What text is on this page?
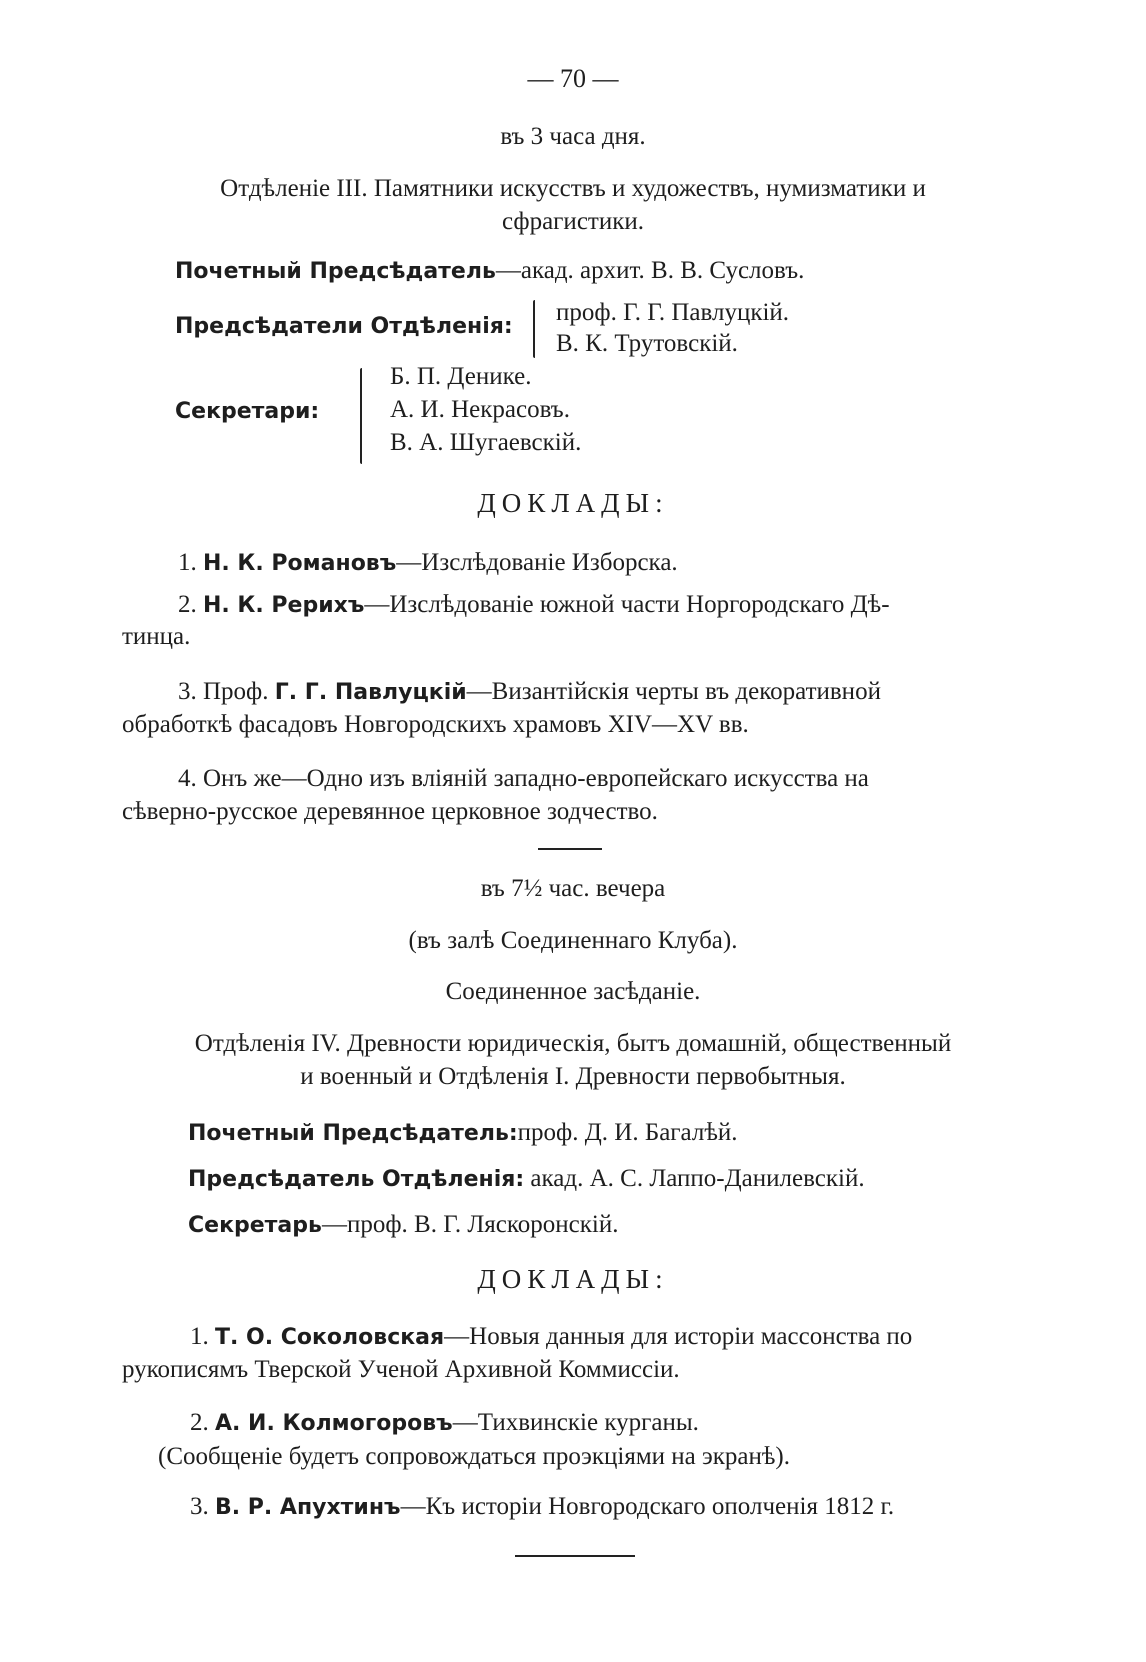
— 70 —
въ 3 часа дня.
Отдѣленіе III. Памятники искусствъ и художествъ, нумизматики и
сфрагистики.
Почетный Предсѣдатель—акад. архит. В. В. Сусловъ.
Предсѣдатели Отдѣленія:
проф. Г. Г. Павлуцкій.
В. К. Трутовскій.
Секретари:
Б. П. Денике.
А. И. Некрасовъ.
В. А. Шугаевскій.
ДОКЛАДЫ:
1. Н. К. Романовъ—Изслѣдованіе Изборска.
2. Н. К. Рерихъ—Изслѣдованіе южной части Норгородскаго Дѣ-
тинца.
3. Проф. Г. Г. Павлуцкій—Византійскія черты въ декоративной
обработкѣ фасадовъ Новгородскихъ храмовъ XIV—XV вв.
4. Онъ же—Одно изъ вліяній западно-европейскаго искусства на
сѣверно-русское деревянное церковное зодчество.
въ 7½ час. вечера
(въ залѣ Соединеннаго Клуба).
Соединенное засѣданіе.
Отдѣленія IV. Древности юридическія, бытъ домашній, общественный
и военный и Отдѣленія I. Древности первобытныя.
Почетный Предсѣдатель:проф. Д. И. Багалѣй.
Предсѣдатель Отдѣленія: акад. А. С. Лаппо-Данилевскій.
Секретарь—проф. В. Г. Ляскоронскій.
ДОКЛАДЫ:
1. Т. О. Соколовская—Новыя данныя для исторіи массонства по
рукописямъ Тверской Ученой Архивной Коммиссіи.
2. А. И. Колмогоровъ—Тихвинскіе курганы.
(Сообщеніе будетъ сопровождаться проэкціями на экранѣ).
3. В. Р. Апухтинъ—Къ исторіи Новгородскаго ополченія 1812 г.
